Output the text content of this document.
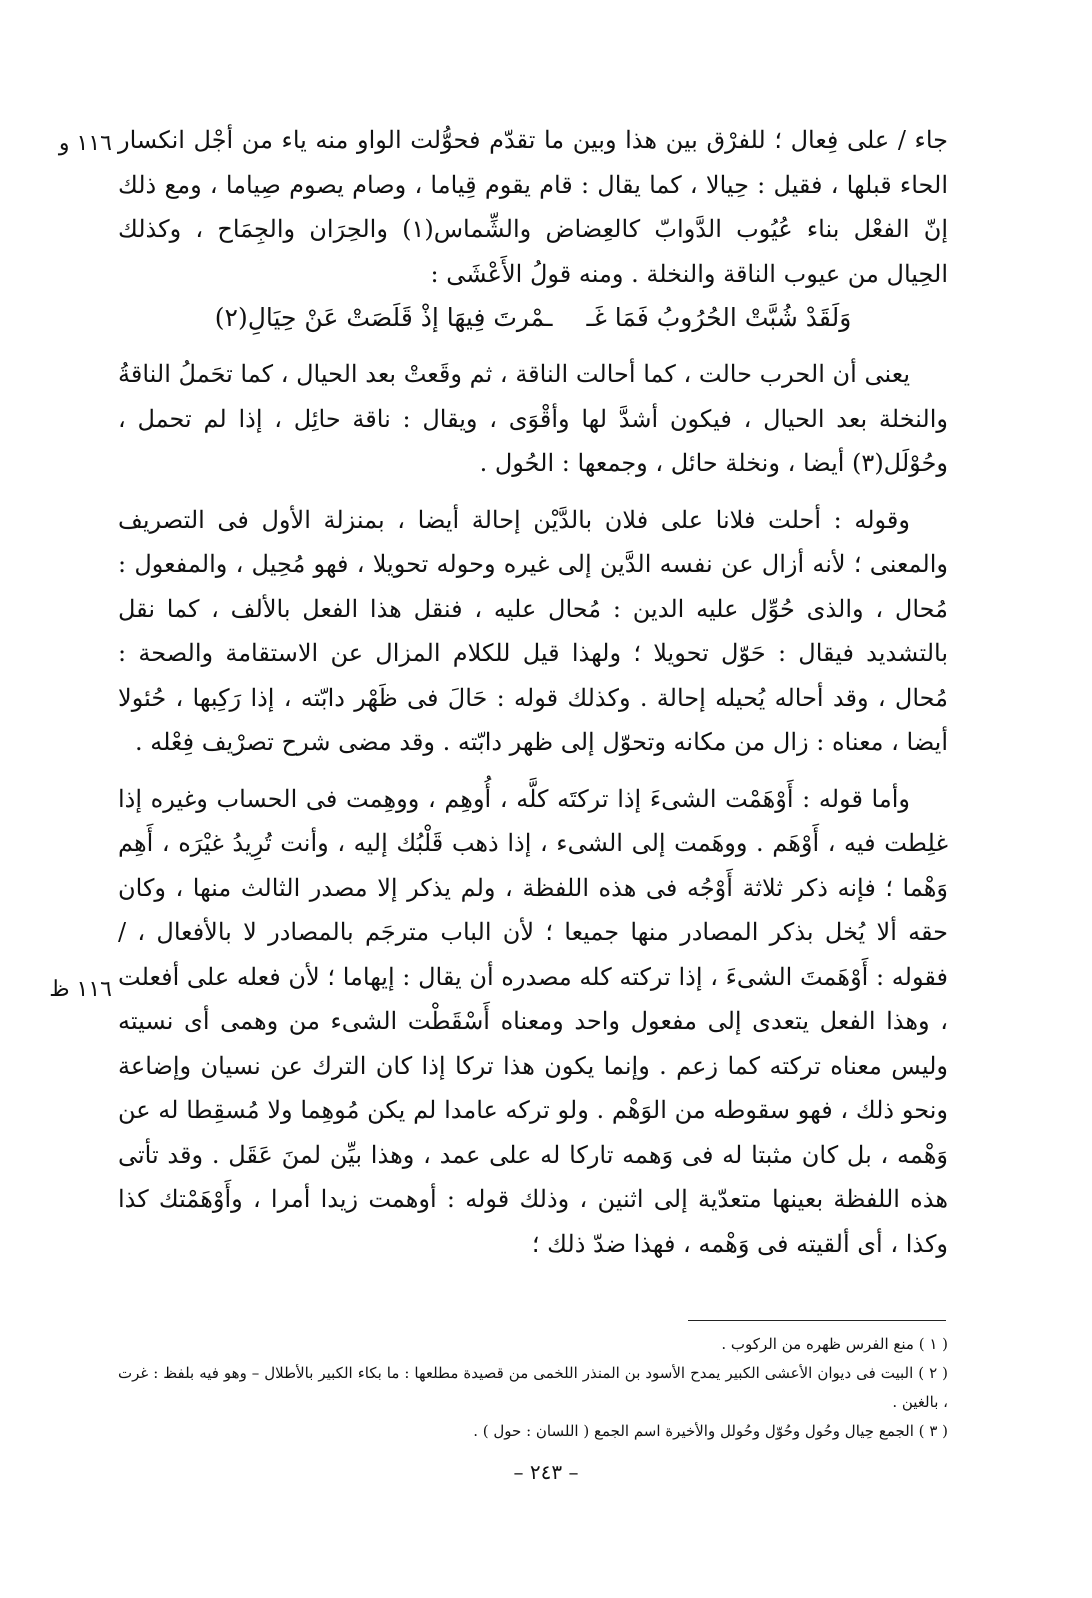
١١٦ و
١١٦ ظ

جاء / على فِعال ؛ للفرْق بين هذا وبين ما تقدّم فحوُّلت الواو منه ياء من أجْل انكسار الحاء قبلها ، فقيل : حِيالا ، كما يقال : قام يقوم قِياما ، وصام يصوم صِياما ، ومع ذلك إنّ الفعْل بناء عُيُوب الدَّوابّ كالعِضاض والشِّماس(١) والحِرَان والجِمَاح ، وكذلك الحِيال من عيوب الناقة والنخلة . ومنه قولُ الأَعْشَى :

وَلَقَدْ شُبَّتْ الحُرُوبُ فَمَا غَـ
ـمْرتَ فِيهَا إذْ قَلَصَتْ عَنْ حِيَالِ(٢)

يعنى أن الحرب حالت ، كما أحالت الناقة ، ثم وقَعتْ بعد الحيال ، كما تحَملُ الناقةُ والنخلة بعد الحيال ، فيكون أشدَّ لها وأقْوَى ، ويقال : ناقة حائِل ، إذا لم تحمل ، وحُوْلَل(٣) أيضا ، ونخلة حائل ، وجمعها : الحُول .

وقوله : أحلت فلانا على فلان بالدَّيْن إحالة أيضا ، بمنزلة الأول فى التصريف والمعنى ؛ لأنه أزال عن نفسه الدَّين إلى غيره وحوله تحويلا ، فهو مُحِيل ، والمفعول : مُحال ، والذى حُوِّل عليه الدين : مُحال عليه ، فنقل هذا الفعل بالألف ، كما نقل بالتشديد فيقال : حَوّل تحويلا ؛ ولهذا قيل للكلام المزال عن الاستقامة والصحة : مُحال ، وقد أحاله يُحيله إحالة . وكذلك قوله : حَالَ فى ظَهْر دابّته ، إذا رَكِبها ، حُئولا أيضا ، معناه : زال من مكانه وتحوّل إلى ظهر دابّته . وقد مضى شرح تصرْيف فِعْله .

وأما قوله : أَوْهَمْت الشىءَ إذا تركتَه كلَّه ، أُوهِم ، ووهِمت فى الحساب وغيره إذا غلِطت فيه ، أَوْهَم . ووهَمت إلى الشىء ، إذا ذهب قَلْبُك إليه ، وأنت تُرِيدُ غيْرَه ، أَهِم وَهْما ؛ فإنه ذكر ثلاثة أَوْجُه فى هذه اللفظة ، ولم يذكر إلا مصدر الثالث منها ، وكان حقه ألا يُخل بذكر المصادر منها جميعا ؛ لأن الباب مترجَم بالمصادر لا بالأفعال ، / فقوله : أَوْهَمتَ الشىءَ ، إذا تركته كله مصدره أن يقال : إيهاما ؛ لأن فعله على أفعلت ، وهذا الفعل يتعدى إلى مفعول واحد ومعناه أَسْقَطْت الشىء من وهمى أى نسيته وليس معناه تركته كما زعم . وإنما يكون هذا تركا إذا كان الترك عن نسيان وإضاعة ونحو ذلك ، فهو سقوطه من الوَهْم . ولو تركه عامدا لم يكن مُوهِما ولا مُسقِطا له عن وَهْمه ، بل كان مثبتا له فى وَهمه تاركا له على عمد ، وهذا بيِّن لمنَ عَقَل . وقد تأتى هذه اللفظة بعينها متعدّية إلى اثنين ، وذلك قوله : أوهمت زيدا أمرا ، وأَوْهَمْتك كذا وكذا ، أى ألقيته فى وَهْمه ، فهذا ضدّ ذلك ؛

( ١ ) منع الفرس ظهره من الركوب .

( ٢ ) البيت فى ديوان الأعشى الكبير يمدح الأسود بن المنذر اللخمى من قصيدة مطلعها : ما بكاء الكبير بالأطلال – وهو فيه بلفظ : غرت ، بالغين .

( ٣ ) الجمع حِيال وحُول وحُوّل وحُولل والأخيرة اسم الجمع ( اللسان : حول ) .

– ٢٤٣ –
